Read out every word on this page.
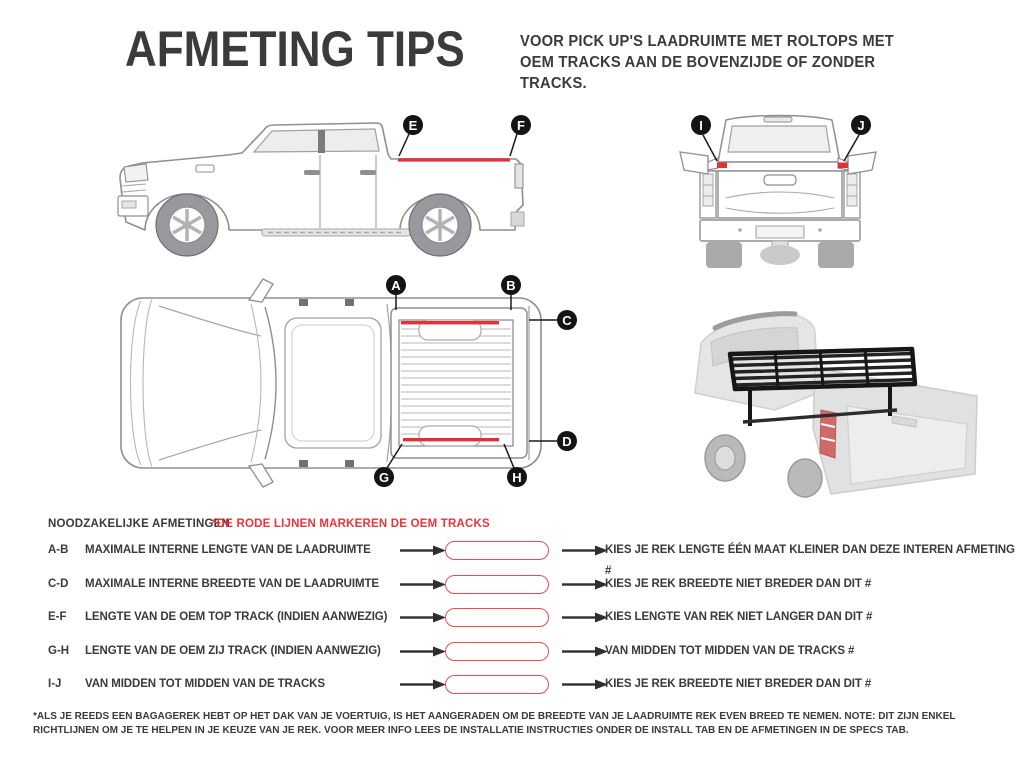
AFMETING TIPS	VOOR PICK UP'S LAADRUIMTE MET ROLTOPS MET OEM TRACKS AAN DE BOVENZIJDE OF ZONDER TRACKS.
A	B
C
D
E	F
G	H
I	J
NOODZAKELIJKE AFMETINGEN
*DE RODE LIJNEN MARKEREN DE OEM TRACKS
A-B MAXIMALE INTERNE LENGTE VAN DE LAADRUIMTE	KIES JE REK LENGTE ÉÉN MAAT KLEINER DAN DEZE INTEREN AFMETING #
C-D MAXIMALE INTERNE BREEDTE VAN DE LAADRUIMTE	KIES JE REK BREEDTE NIET BREDER DAN DIT #
E-F LENGTE VAN DE OEM TOP TRACK (INDIEN AANWEZIG)	KIES LENGTE VAN REK NIET LANGER DAN DIT #
G-H LENGTE VAN DE OEM ZIJ TRACK (INDIEN AANWEZIG)	VAN MIDDEN TOT MIDDEN VAN DE TRACKS #
I-J VAN MIDDEN TOT MIDDEN VAN DE TRACKS	KIES JE REK BREEDTE NIET BREDER DAN DIT #
*ALS JE REEDS EEN BAGAGEREK HEBT OP HET DAK VAN JE VOERTUIG, IS HET AANGERADEN OM DE BREEDTE VAN JE LAADRUIMTE REK EVEN BREED TE NEMEN. NOTE: DIT ZIJN ENKEL RICHTLIJNEN OM JE TE HELPEN IN JE KEUZE VAN JE REK. VOOR MEER INFO LEES DE INSTALLATIE INSTRUCTIES ONDER DE INSTALL TAB EN DE AFMETINGEN IN DE SPECS TAB.
